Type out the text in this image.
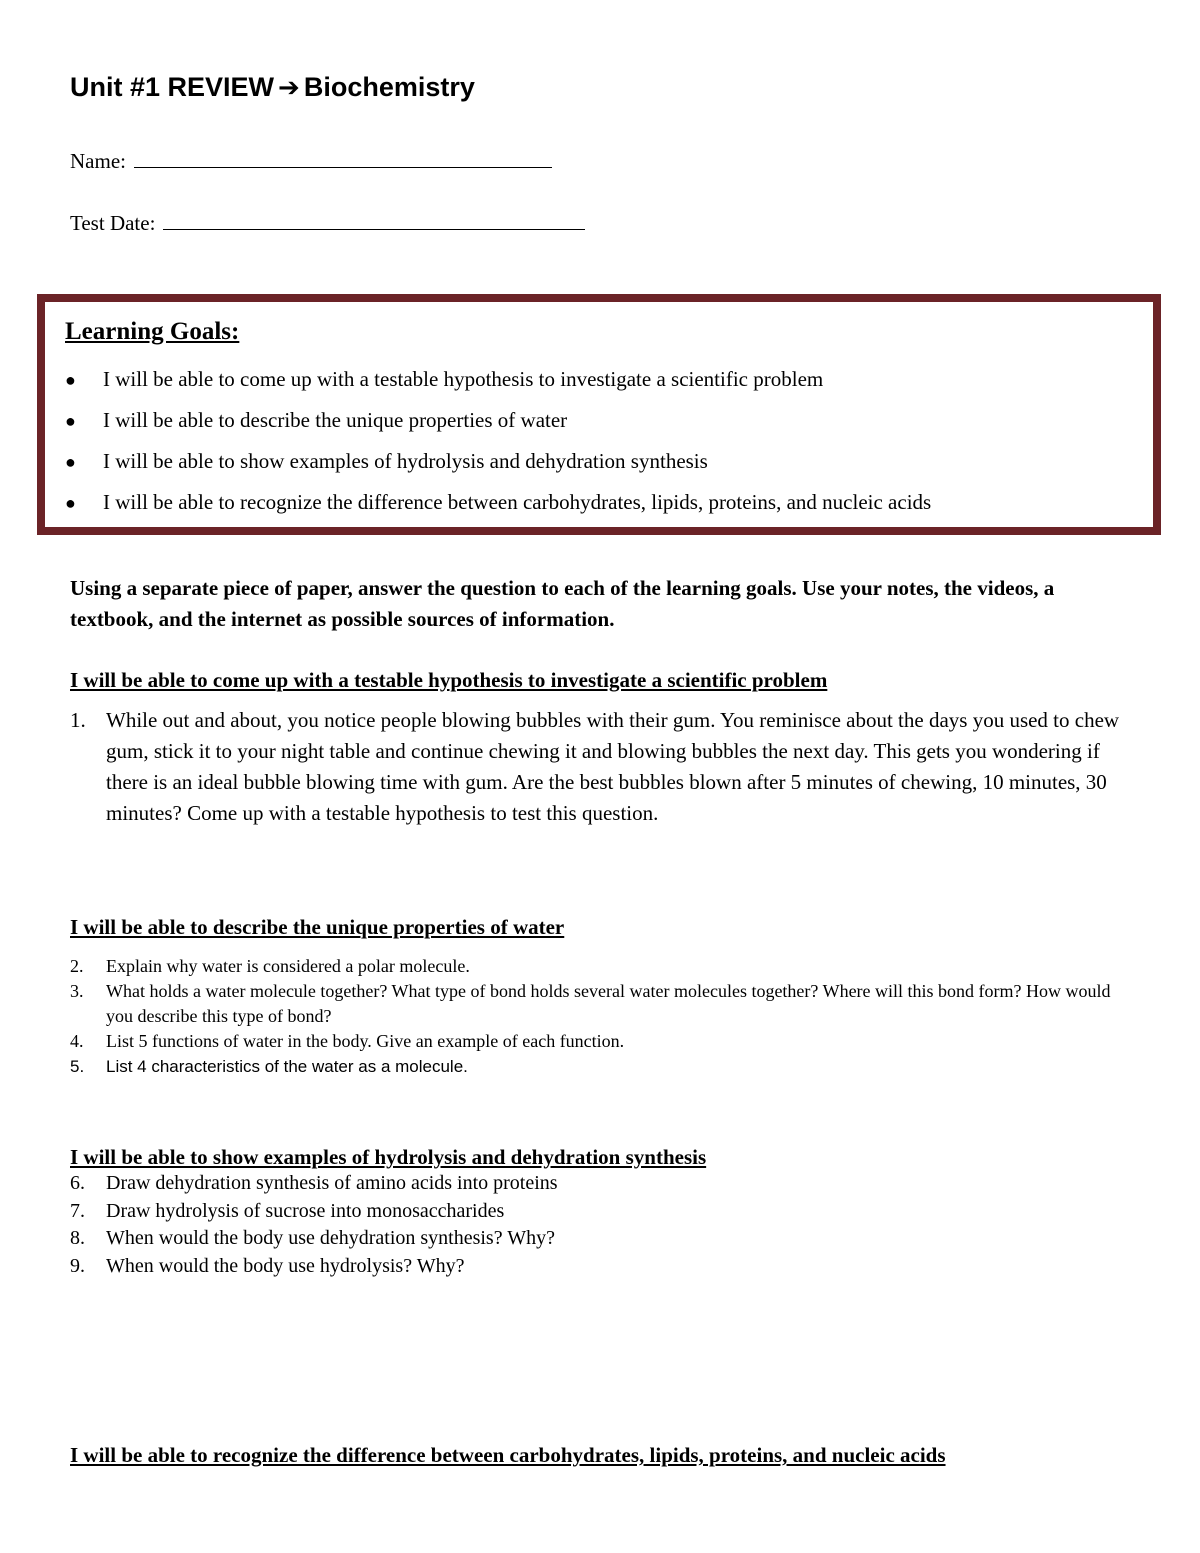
Unit #1 REVIEW ➔ Biochemistry
Name:
Test Date:
Learning Goals:
● I will be able to come up with a testable hypothesis to investigate a scientific problem
● I will be able to describe the unique properties of water
● I will be able to show examples of hydrolysis and dehydration synthesis
● I will be able to recognize the difference between carbohydrates, lipids, proteins, and nucleic acids
Using a separate piece of paper, answer the question to each of the learning goals. Use your notes, the videos, a textbook, and the internet as possible sources of information.
I will be able to come up with a testable hypothesis to investigate a scientific problem
1. While out and about, you notice people blowing bubbles with their gum. You reminisce about the days you used to chew gum, stick it to your night table and continue chewing it and blowing bubbles the next day. This gets you wondering if there is an ideal bubble blowing time with gum. Are the best bubbles blown after 5 minutes of chewing, 10 minutes, 30 minutes? Come up with a testable hypothesis to test this question.
I will be able to describe the unique properties of water
2.	Explain why water is considered a polar molecule.
3.	What holds a water molecule together? What type of bond holds several water molecules together? Where will this bond form? How would you describe this type of bond?
4.	List 5 functions of water in the body. Give an example of each function.
5.	List 4 characteristics of the water as a molecule.
I will be able to show examples of hydrolysis and dehydration synthesis
6.	Draw dehydration synthesis of amino acids into proteins
7.	Draw hydrolysis of sucrose into monosaccharides
8.	When would the body use dehydration synthesis? Why?
9.	When would the body use hydrolysis? Why?
I will be able to recognize the difference between carbohydrates, lipids, proteins, and nucleic acids
